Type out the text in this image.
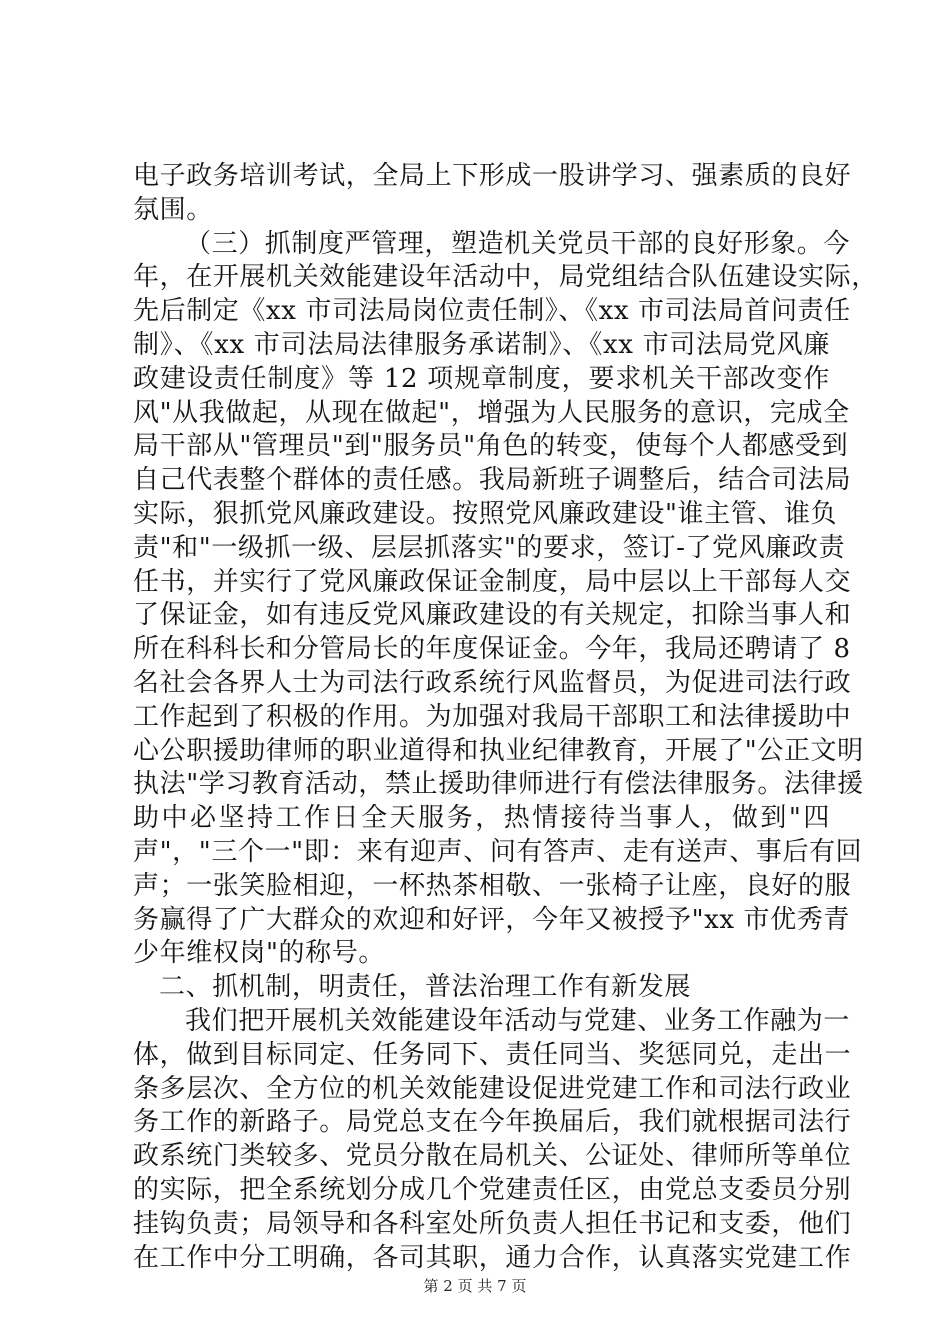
电子政务培训考试，全局上下形成一股讲学习、强素质的良好
氛围。
（三）抓制度严管理，塑造机关党员干部的良好形象。今
年，在开展机关效能建设年活动中，局党组结合队伍建设实际，
先后制定《xx 市司法局岗位责任制》、《xx 市司法局首问责任
制》、《xx 市司法局法律服务承诺制》、《xx 市司法局党风廉
政建设责任制度》等 12 项规章制度，要求机关干部改变作
风"从我做起，从现在做起"，增强为人民服务的意识，完成全
局干部从"管理员"到"服务员"角色的转变，使每个人都感受到
自己代表整个群体的责任感。我局新班子调整后，结合司法局
实际，狠抓党风廉政建设。按照党风廉政建设"谁主管、谁负
责"和"一级抓一级、层层抓落实"的要求，签订-了党风廉政责
任书，并实行了党风廉政保证金制度，局中层以上干部每人交
了保证金，如有违反党风廉政建设的有关规定，扣除当事人和
所在科科长和分管局长的年度保证金。今年，我局还聘请了 8
名社会各界人士为司法行政系统行风监督员，为促进司法行政
工作起到了积极的作用。为加强对我局干部职工和法律援助中
心公职援助律师的职业道得和执业纪律教育，开展了"公正文明
执法"学习教育活动，禁止援助律师进行有偿法律服务。法律援
助中必坚持工作日全天服务，热情接待当事人，做到"四
声"，"三个一"即：来有迎声、问有答声、走有送声、事后有回
声；一张笑脸相迎，一杯热茶相敬、一张椅子让座，良好的服
务赢得了广大群众的欢迎和好评，今年又被授予"xx 市优秀青
少年维权岗"的称号。
二、抓机制，明责任，普法治理工作有新发展
我们把开展机关效能建设年活动与党建、业务工作融为一
体，做到目标同定、任务同下、责任同当、奖惩同兑，走出一
条多层次、全方位的机关效能建设促进党建工作和司法行政业
务工作的新路子。局党总支在今年换届后，我们就根据司法行
政系统门类较多、党员分散在局机关、公证处、律师所等单位
的实际，把全系统划分成几个党建责任区，由党总支委员分别
挂钩负责；局领导和各科室处所负责人担任书记和支委，他们
在工作中分工明确，各司其职，通力合作，认真落实党建工作
第 2 页 共 7 页
